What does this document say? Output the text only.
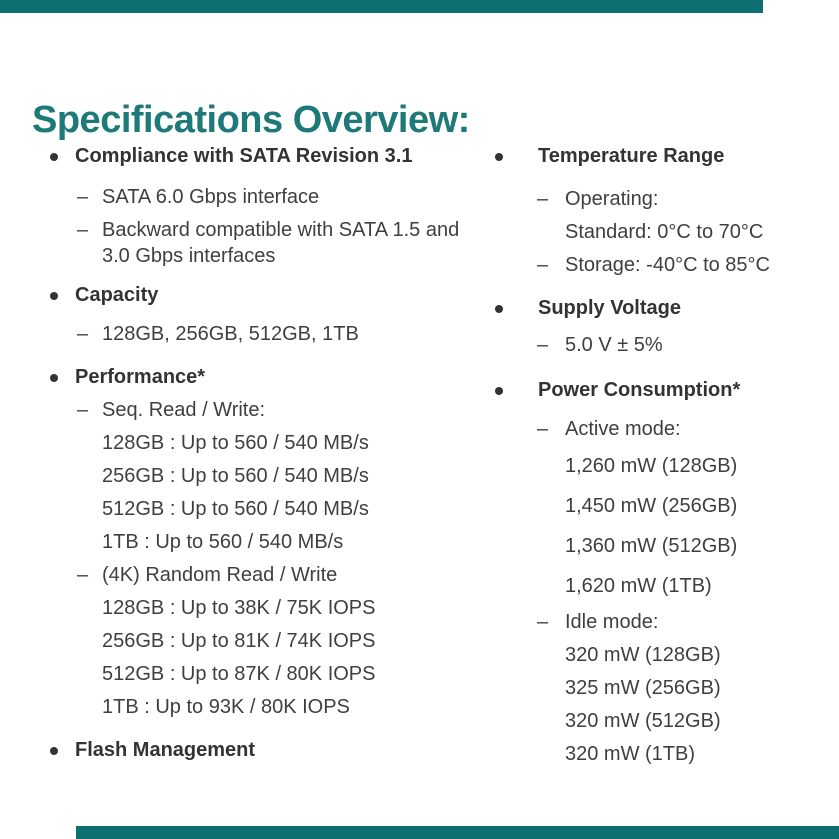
Specifications Overview:
Compliance with SATA Revision 3.1
– SATA 6.0 Gbps interface
– Backward compatible with SATA 1.5 and
3.0 Gbps interfaces
Capacity
– 128GB, 256GB, 512GB, 1TB
Performance*
– Seq. Read / Write:
128GB : Up to 560 / 540 MB/s
256GB : Up to 560 / 540 MB/s
512GB : Up to 560 / 540 MB/s
1TB : Up to 560 / 540 MB/s
– (4K) Random Read / Write
128GB : Up to 38K / 75K IOPS
256GB : Up to 81K / 74K IOPS
512GB : Up to 87K / 80K IOPS
1TB : Up to 93K / 80K IOPS
Flash Management
Temperature Range
– Operating:
Standard: 0°C to 70°C
– Storage: -40°C to 85°C
Supply Voltage
– 5.0 V ± 5%
Power Consumption*
– Active mode:
1,260 mW (128GB)
1,450 mW (256GB)
1,360 mW (512GB)
1,620 mW (1TB)
– Idle mode:
320 mW (128GB)
325 mW (256GB)
320 mW (512GB)
320 mW (1TB)
